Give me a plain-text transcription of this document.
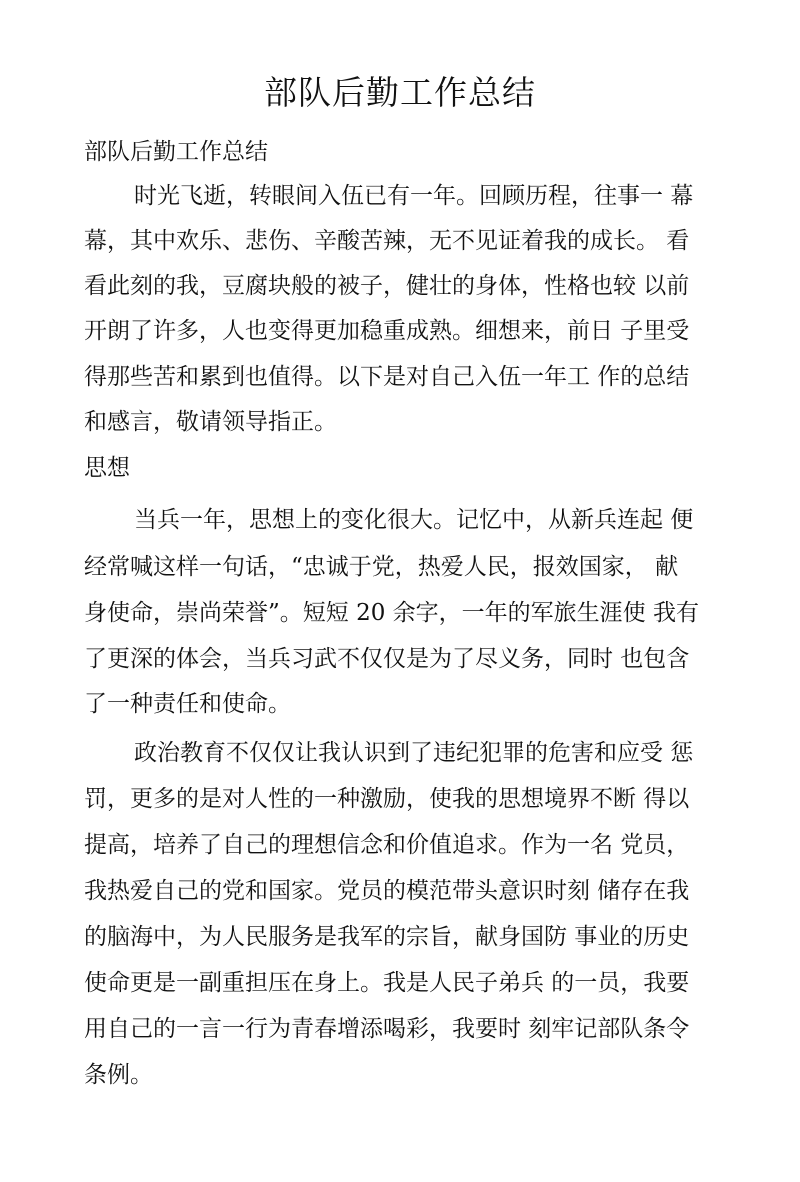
部队后勤工作总结

部队后勤工作总结

时光飞逝，转眼间入伍已有一年。回顾历程，往事一 幕

幕，其中欢乐、悲伤、辛酸苦辣，无不见证着我的成长。 看

看此刻的我，豆腐块般的被子，健壮的身体，性格也较 以前

开朗了许多，人也变得更加稳重成熟。细想来，前日 子里受

得那些苦和累到也值得。以下是对自己入伍一年工 作的总结

和感言，敬请领导指正。

思想

当兵一年，思想上的变化很大。记忆中，从新兵连起 便

经常喊这样一句话，“忠诚于党，热爱人民，报效国家， 献

身使命，崇尚荣誉”。短短 20 余字，一年的军旅生涯使 我有

了更深的体会，当兵习武不仅仅是为了尽义务，同时 也包含

了一种责任和使命。

政治教育不仅仅让我认识到了违纪犯罪的危害和应受 惩

罚，更多的是对人性的一种激励，使我的思想境界不断 得以

提高，培养了自己的理想信念和价值追求。作为一名 党员，

我热爱自己的党和国家。党员的模范带头意识时刻 储存在我

的脑海中，为人民服务是我军的宗旨，献身国防 事业的历史

使命更是一副重担压在身上。我是人民子弟兵 的一员，我要

用自己的一言一行为青春增添喝彩，我要时 刻牢记部队条令

条例。
